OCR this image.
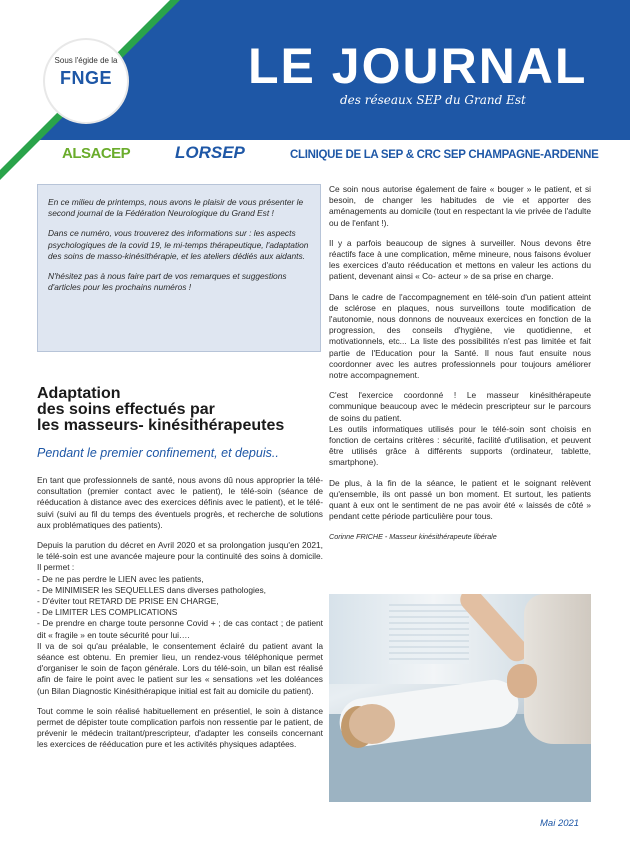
Sous l'égide de la
FNGE	LE JOURNAL
des réseaux SEP du Grand Est
ALSACEP	LORSEP	CLINIQUE DE LA SEP & CRC SEP CHAMPAGNE-ARDENNE

En ce milieu de printemps, nous avons le plaisir de vous présenter le second journal de la Fédération Neurologique du Grand Est !

Dans ce numéro, vous trouverez des informations sur : les aspects psychologiques de la covid 19, le mi-temps thérapeutique, l'adaptation des soins de masso-kinésithérapie, et les ateliers dédiés aux aidants.

N'hésitez pas à nous faire part de vos remarques et suggestions d'articles pour les prochains numéros !

Adaptation
des soins effectués par
les masseurs- kinésithérapeutes
Pendant le premier confinement, et depuis..

En tant que professionnels de santé, nous avons dû nous approprier la télé-consultation (premier contact avec le patient), le télé-soin (séance de rééducation à distance avec des exercices définis avec le patient), et le télé-suivi (suivi au fil du temps des éventuels progrès, et recherche de solutions aux problématiques des patients).

Depuis la parution du décret en Avril 2020 et sa prolongation jusqu'en 2021, le télé-soin est une avancée majeure pour la continuité des soins à domicile. Il permet :

- De ne pas perdre le LIEN avec les patients,
- De MINIMISER les SEQUELLES dans diverses pathologies,
- D'éviter tout RETARD DE PRISE EN CHARGE,
- De LIMITER LES COMPLICATIONS
- De prendre en charge toute personne Covid + ; de cas contact ; de patient dit « fragile » en toute sécurité pour lui….

Il va de soi qu'au préalable, le consentement éclairé du patient avant la séance est obtenu. En premier lieu, un rendez-vous téléphonique permet d'organiser le soin de façon générale. Lors du télé-soin, un bilan est réalisé afin de faire le point avec le patient sur les « sensations »et les doléances (un Bilan Diagnostic Kinésithérapique initial est fait au domicile du patient).

Tout comme le soin réalisé habituellement en présentiel, le soin à distance permet de dépister toute complication parfois non ressentie par le patient, de prévenir le médecin traitant/prescripteur, d'adapter les conseils concernant les exercices de rééducation pure et les activités physiques adaptées.

Ce soin nous autorise également de faire « bouger » le patient, et si besoin, de changer les habitudes de vie et apporter des aménagements au domicile (tout en respectant la vie privée de l'adulte ou de l'enfant !).

Il y a parfois beaucoup de signes à surveiller. Nous devons être réactifs face à une complication, même mineure, nous faisons évoluer les exercices d'auto rééducation et mettons en valeur les actions du patient, devenant ainsi « Co- acteur » de sa prise en charge.

Dans le cadre de l'accompagnement en télé-soin d'un patient atteint de sclérose en plaques, nous surveillons toute modification de l'autonomie, nous donnons de nouveaux exercices en fonction de la progression, des conseils d'hygiène, vie quotidienne, et motivationnels, etc... La liste des possibilités n'est pas limitée et fait partie de l'Education pour la Santé. Il nous faut ensuite nous coordonner avec les autres professionnels pour toujours améliorer notre accompagnement.

C'est l'exercice coordonné ! Le masseur kinésithérapeute communique beaucoup avec le médecin prescripteur sur le parcours de soins du patient.
Les outils informatiques utilisés pour le télé-soin sont choisis en fonction de certains critères : sécurité, facilité d'utilisation, et peuvent être utilisés grâce à différents supports (ordinateur, tablette, smartphone).

De plus, à la fin de la séance, le patient et le soignant relèvent qu'ensemble, ils ont passé un bon moment. Et surtout, les patients quant à eux ont le sentiment de ne pas avoir été « laissés de côté » pendant cette période particulière pour tous.

Corinne FRICHE - Masseur kinésithérapeute libérale
Mai 2021
